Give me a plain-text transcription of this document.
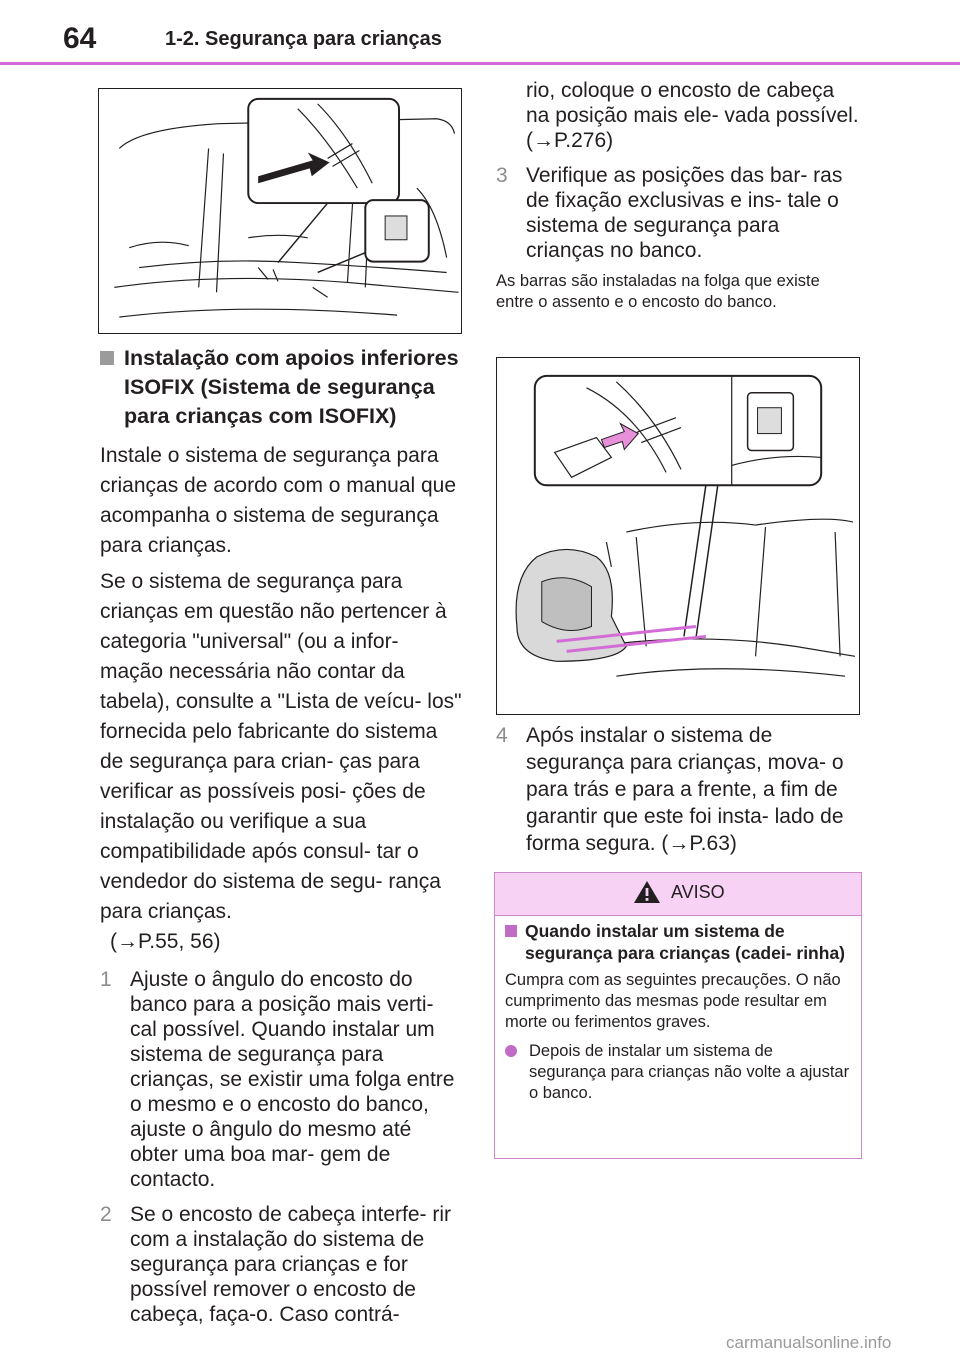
64	1-2. Segurança para crianças
Instalação com apoios inferiores ISOFIX (Sistema de segurança para crianças com ISOFIX)

Instale o sistema de segurança para crianças de acordo com o manual que acompanha o sistema de segurança para crianças.

Se o sistema de segurança para crianças em questão não pertencer à categoria "universal" (ou a infor- mação necessária não contar da tabela), consulte a "Lista de veícu- los" fornecida pelo fabricante do sistema de segurança para crian- ças para verificar as possíveis posi- ções de instalação ou verifique a sua compatibilidade após consul- tar o vendedor do sistema de segu- rança para crianças.

(→P.55, 56)

1 Ajuste o ângulo do encosto do banco para a posição mais verti- cal possível. Quando instalar um sistema de segurança para crianças, se existir uma folga entre o mesmo e o encosto do banco, ajuste o ângulo do mesmo até obter uma boa mar- gem de contacto.
2 Se o encosto de cabeça interfe- rir com a instalação do sistema de segurança para crianças e for possível remover o encosto de cabeça, faça-o. Caso contrá-
rio, coloque o encosto de cabeça na posição mais ele- vada possível. (→P.276)
3 Verifique as posições das bar- ras de fixação exclusivas e ins- tale o sistema de segurança para crianças no banco.
As barras são instaladas na folga que existe entre o assento e o encosto do banco.
4 Após instalar o sistema de segurança para crianças, mova- o para trás e para a frente, a fim de garantir que este foi insta- lado de forma segura. (→P.63)
AVISO
Quando instalar um sistema de segurança para crianças (cadei- rinha)
Cumpra com as seguintes precauções. O não cumprimento das mesmas pode resultar em morte ou ferimentos graves.
Depois de instalar um sistema de segurança para crianças não volte a ajustar o banco.
carmanualsonline.info
